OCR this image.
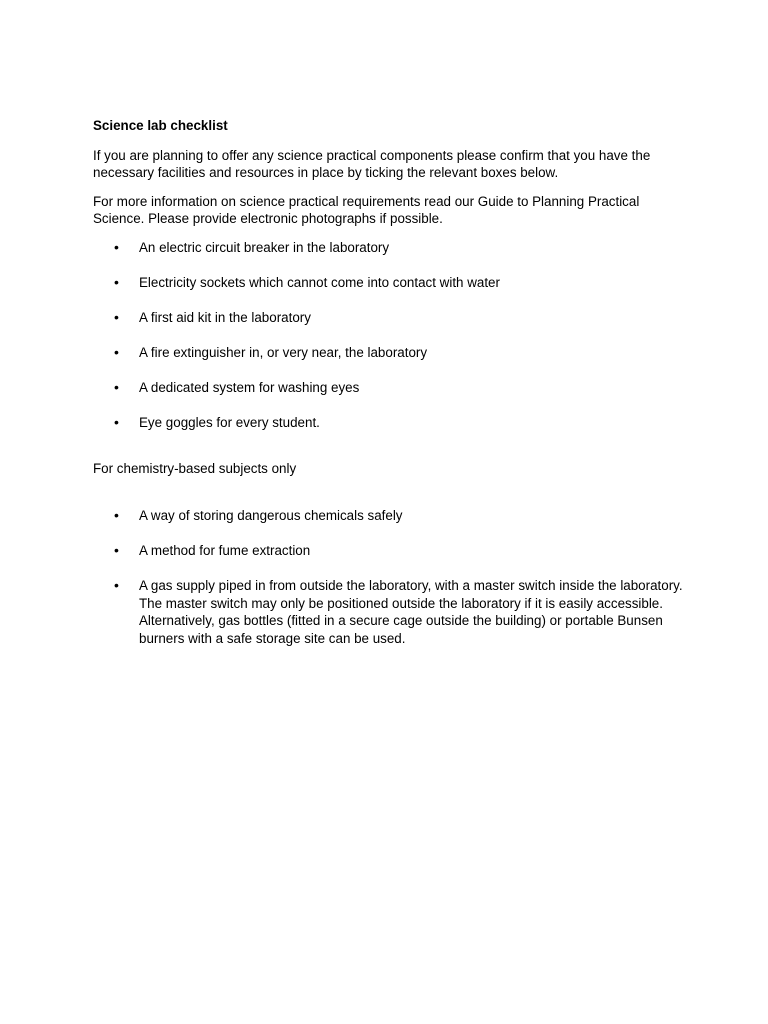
Science lab checklist
If you are planning to offer any science practical components please confirm that you have the necessary facilities and resources in place by ticking the relevant boxes below.
For more information on science practical requirements read our Guide to Planning Practical Science. Please provide electronic photographs if possible.
• An electric circuit breaker in the laboratory
• Electricity sockets which cannot come into contact with water
• A first aid kit in the laboratory
• A fire extinguisher in, or very near, the laboratory
• A dedicated system for washing eyes
• Eye goggles for every student.
For chemistry-based subjects only
• A way of storing dangerous chemicals safely
• A method for fume extraction
• A gas supply piped in from outside the laboratory, with a master switch inside the laboratory. The master switch may only be positioned outside the laboratory if it is easily accessible. Alternatively, gas bottles (fitted in a secure cage outside the building) or portable Bunsen burners with a safe storage site can be used.
